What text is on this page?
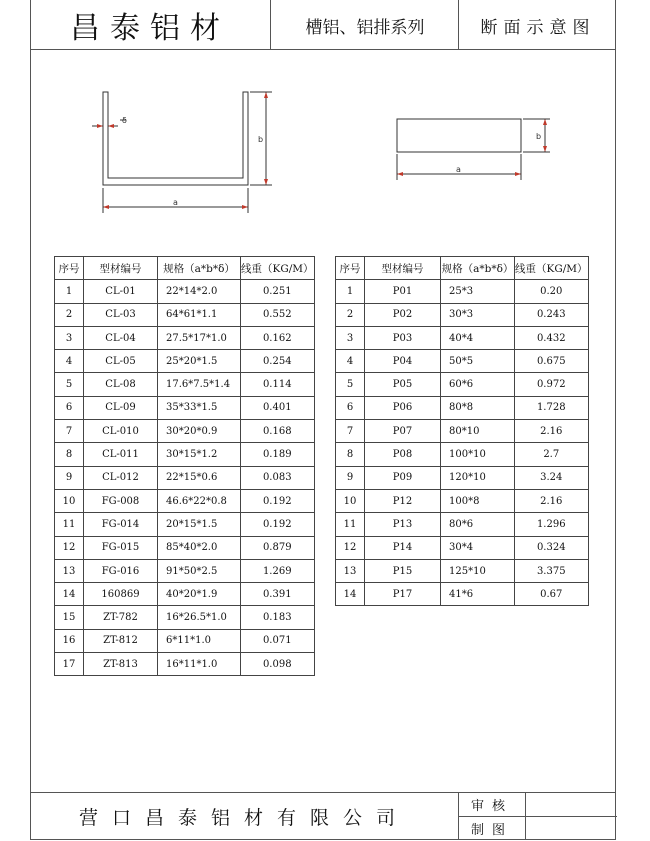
昌泰铝材	槽铝、铝排系列	断面示意图
δ
b
a
b
a
序号	型材编号	规格（a*b*δ）	线重（KG/M）
1	CL-01	22*14*2.0	0.251
2	CL-03	64*61*1.1	0.552
3	CL-04	27.5*17*1.0	0.162
4	CL-05	25*20*1.5	0.254
5	CL-08	17.6*7.5*1.4	0.114
6	CL-09	35*33*1.5	0.401
7	CL-010	30*20*0.9	0.168
8	CL-011	30*15*1.2	0.189
9	CL-012	22*15*0.6	0.083
10	FG-008	46.6*22*0.8	0.192
11	FG-014	20*15*1.5	0.192
12	FG-015	85*40*2.0	0.879
13	FG-016	91*50*2.5	1.269
14	160869	40*20*1.9	0.391
15	ZT-782	16*26.5*1.0	0.183
16	ZT-812	6*11*1.0	0.071
17	ZT-813	16*11*1.0	0.098
序号	型材编号	规格（a*b*δ）	线重（KG/M）
1	P01	25*3	0.20
2	P02	30*3	0.243
3	P03	40*4	0.432
4	P04	50*5	0.675
5	P05	60*6	0.972
6	P06	80*8	1.728
7	P07	80*10	2.16
8	P08	100*10	2.7
9	P09	120*10	3.24
10	P12	100*8	2.16
11	P13	80*6	1.296
12	P14	30*4	0.324
13	P15	125*10	3.375
14	P17	41*6	0.67
营口昌泰铝材有限公司
审核
制图
